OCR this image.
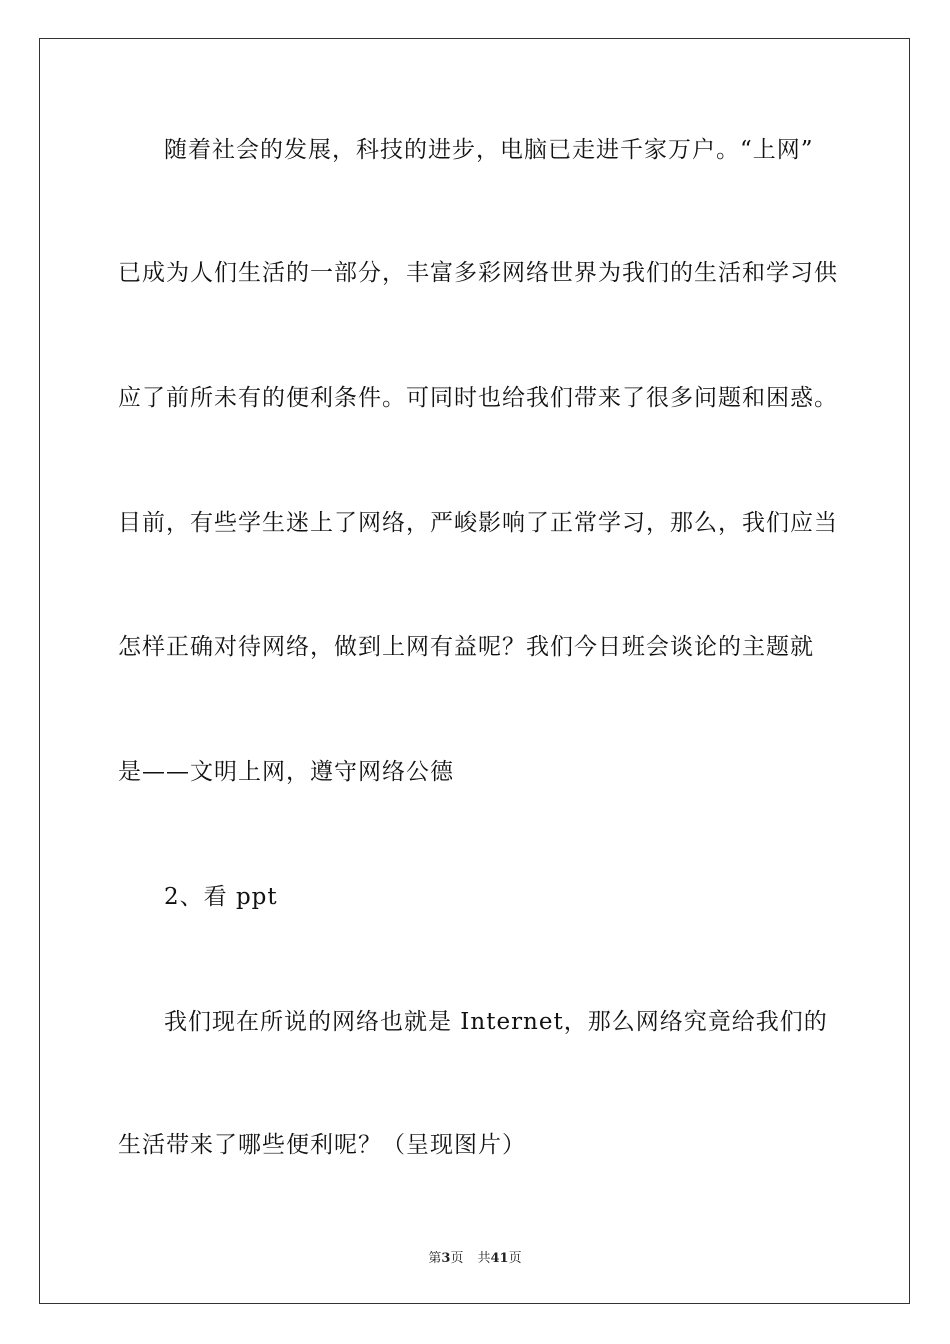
随着社会的发展，科技的进步，电脑已走进千家万户。“上网”
已成为人们生活的一部分，丰富多彩网络世界为我们的生活和学习供
应了前所未有的便利条件。可同时也给我们带来了很多问题和困惑。
目前，有些学生迷上了网络，严峻影响了正常学习，那么，我们应当
怎样正确对待网络，做到上网有益呢？我们今日班会谈论的主题就
是——文明上网，遵守网络公德
2、看 ppt
我们现在所说的网络也就是 Internet，那么网络究竟给我们的
生活带来了哪些便利呢？（呈现图片）
第3页 共41页
